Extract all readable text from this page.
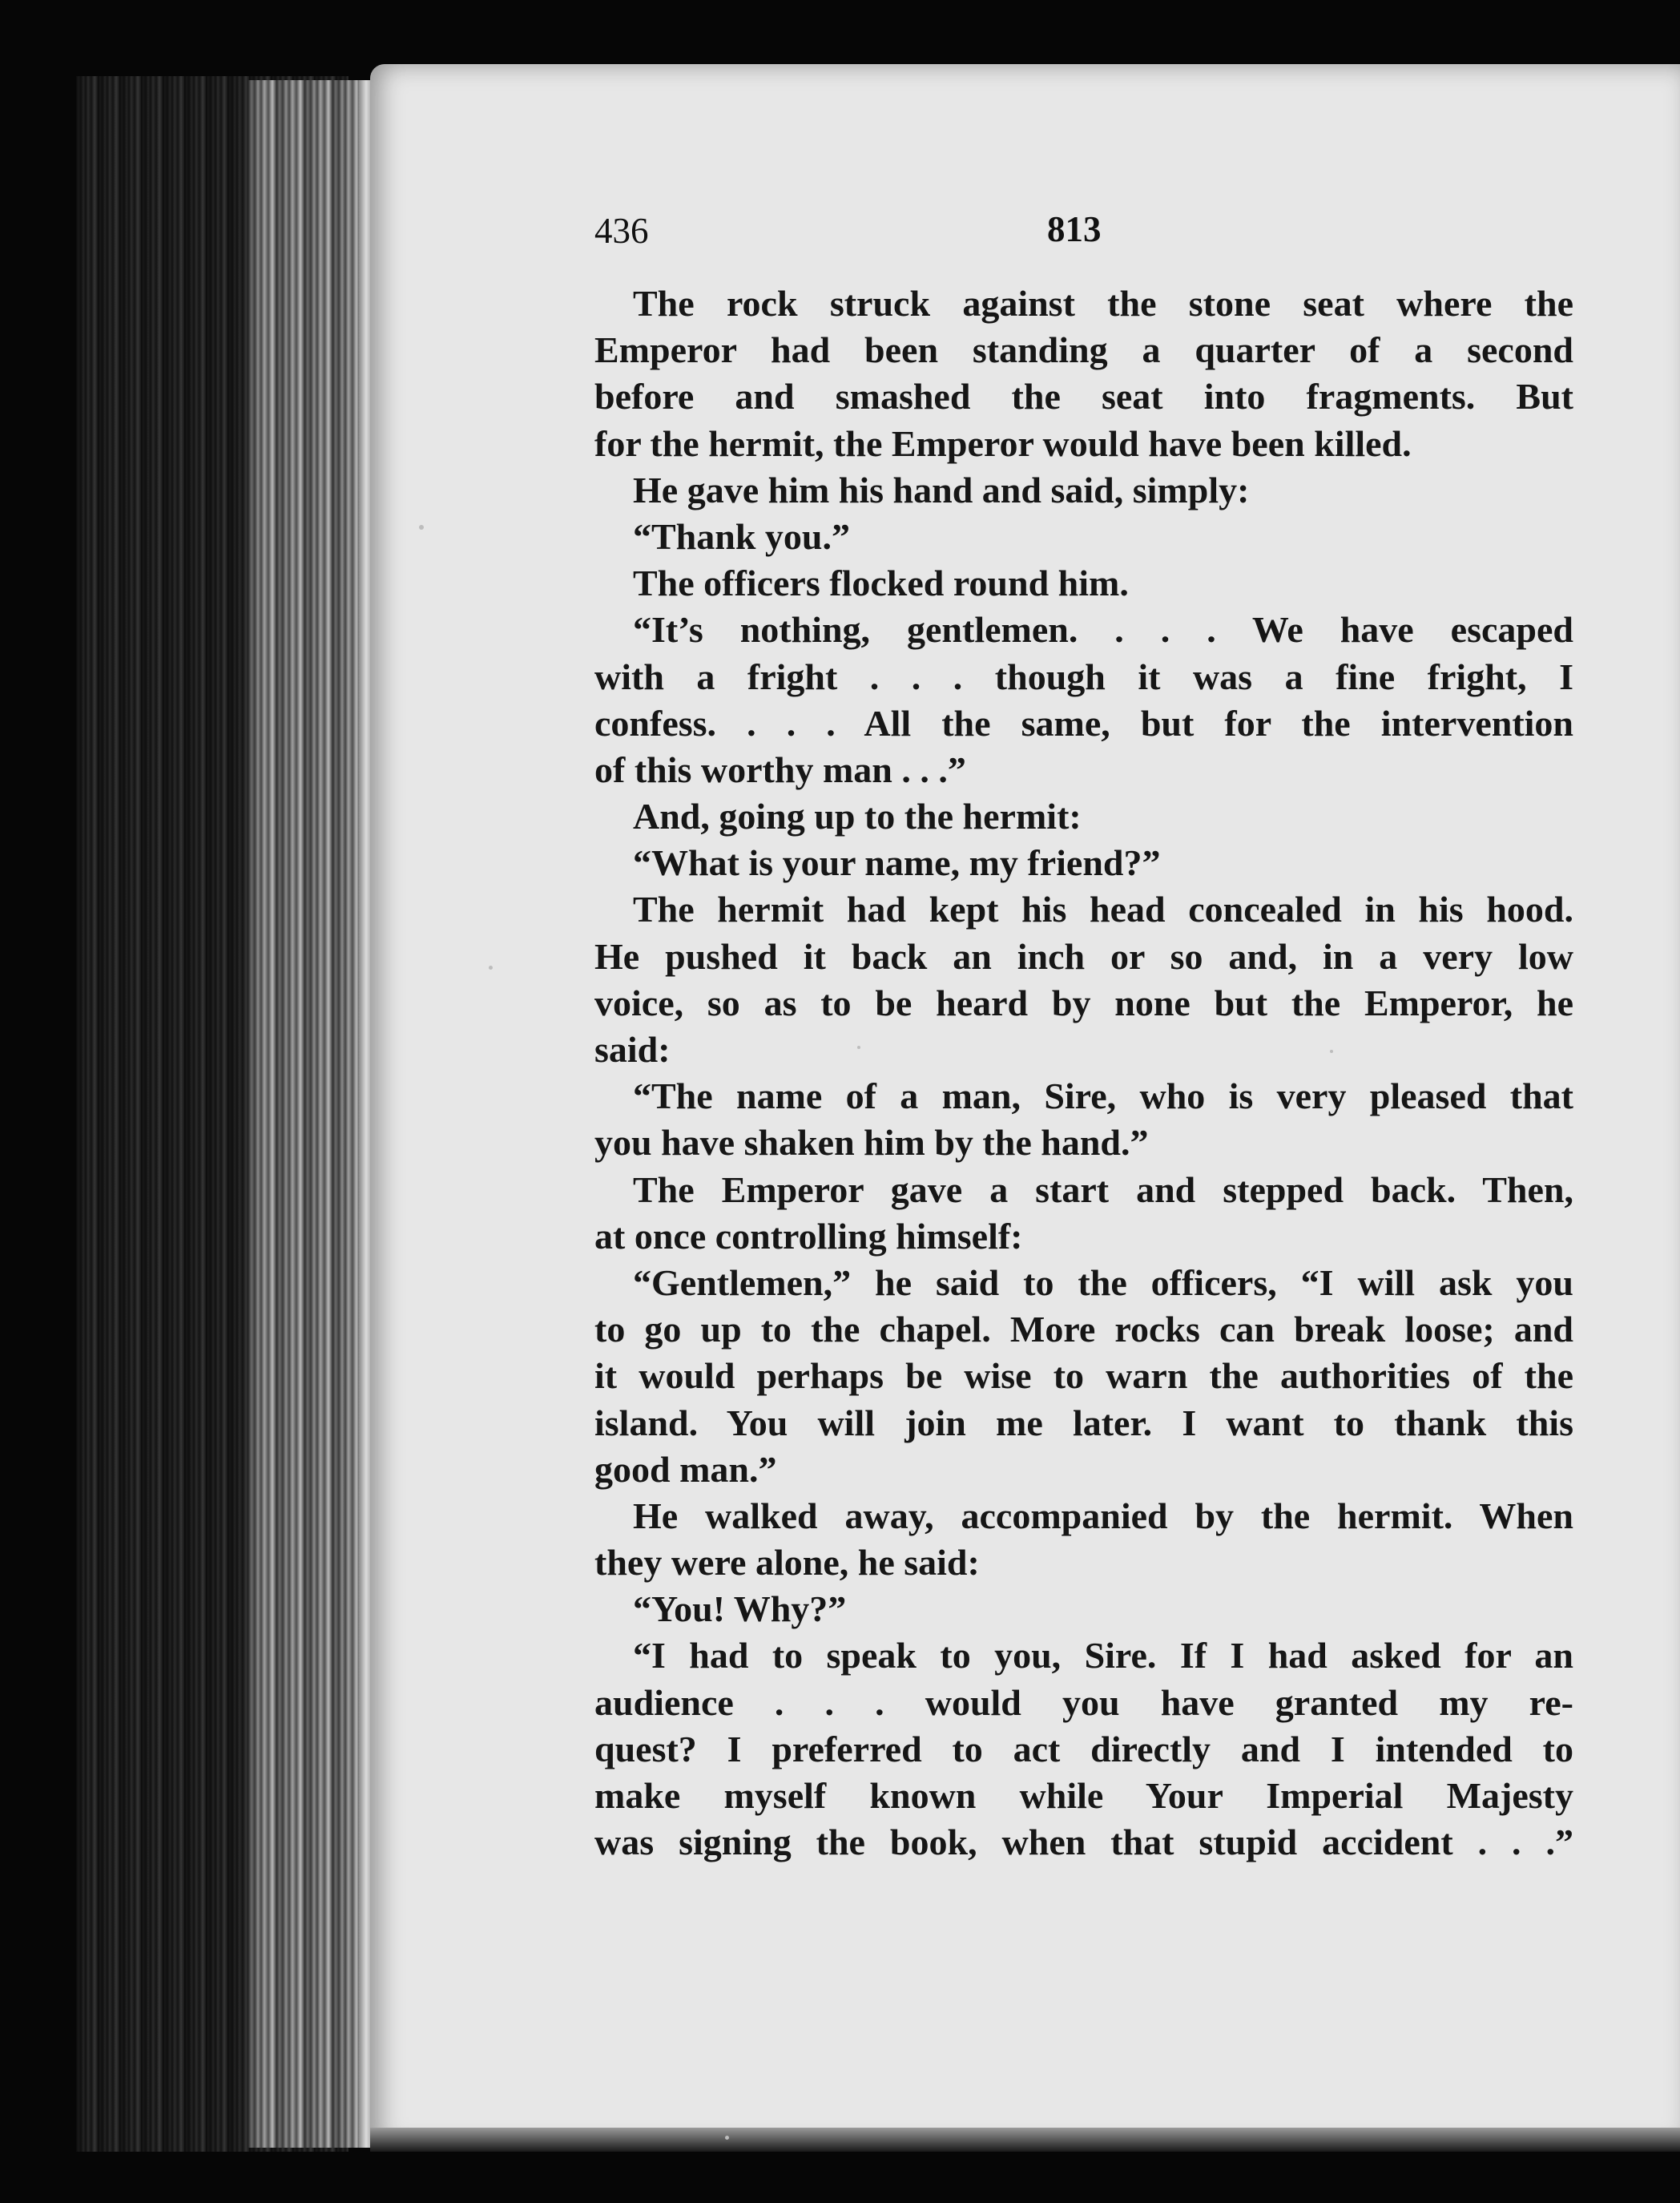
436	813
The rock struck against the stone seat where the
Emperor had been standing a quarter of a second
before and smashed the seat into fragments. But
for the hermit, the Emperor would have been killed.
He gave him his hand and said, simply:
“Thank you.”
The officers flocked round him.
“It’s nothing, gentlemen. . . . We have escaped
with a fright . . . though it was a fine fright, I
confess. . . . All the same, but for the intervention
of this worthy man . . .”
And, going up to the hermit:
“What is your name, my friend?”
The hermit had kept his head concealed in his hood.
He pushed it back an inch or so and, in a very low
voice, so as to be heard by none but the Emperor, he
said:
“The name of a man, Sire, who is very pleased that
you have shaken him by the hand.”
The Emperor gave a start and stepped back. Then,
at once controlling himself:
“Gentlemen,” he said to the officers, “I will ask you
to go up to the chapel. More rocks can break loose; and
it would perhaps be wise to warn the authorities of the
island. You will join me later. I want to thank this
good man.”
He walked away, accompanied by the hermit. When
they were alone, he said:
“You! Why?”
“I had to speak to you, Sire. If I had asked for an
audience . . . would you have granted my re-
quest? I preferred to act directly and I intended to
make myself known while Your Imperial Majesty
was signing the book, when that stupid accident . . .”
